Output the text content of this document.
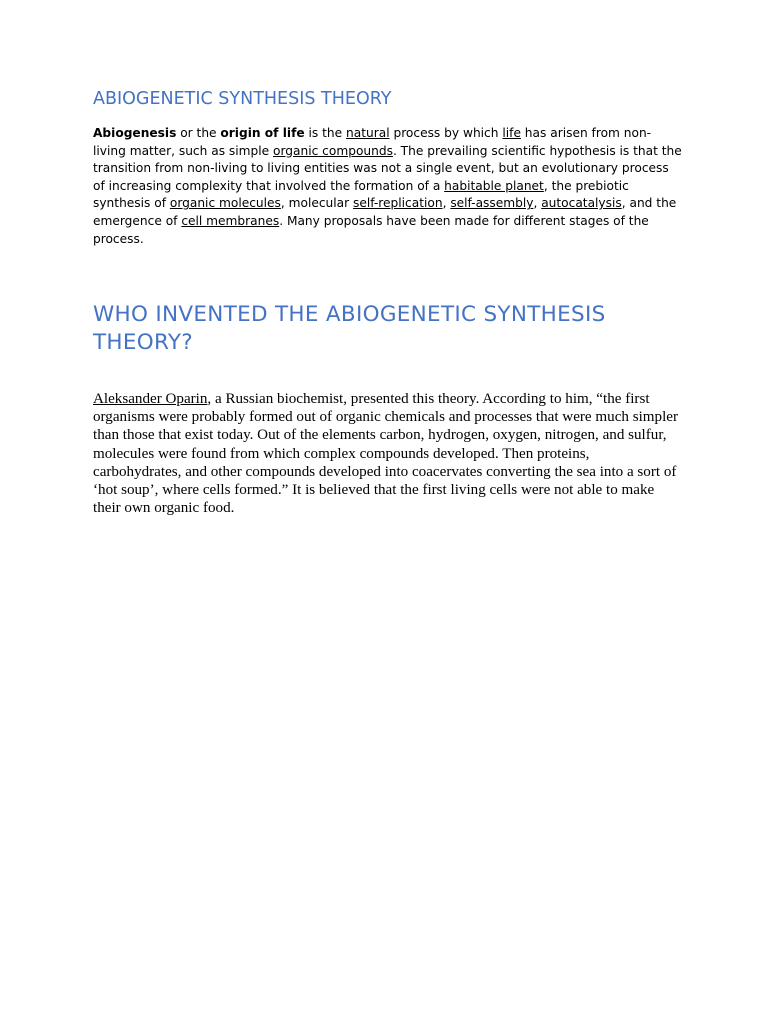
ABIOGENETIC SYNTHESIS THEORY

Abiogenesis or the origin of life is the natural process by which life has arisen from non-living matter, such as simple organic compounds. The prevailing scientific hypothesis is that the transition from non-living to living entities was not a single event, but an evolutionary process of increasing complexity that involved the formation of a habitable planet, the prebiotic synthesis of organic molecules, molecular self-replication, self-assembly, autocatalysis, and the emergence of cell membranes. Many proposals have been made for different stages of the process.

WHO INVENTED THE ABIOGENETIC SYNTHESIS THEORY?

Aleksander Oparin, a Russian biochemist, presented this theory. According to him, “the first organisms were probably formed out of organic chemicals and processes that were much simpler than those that exist today. Out of the elements carbon, hydrogen, oxygen, nitrogen, and sulfur, molecules were found from which complex compounds developed. Then proteins, carbohydrates, and other compounds developed into coacervates converting the sea into a sort of ‘hot soup’, where cells formed.” It is believed that the first living cells were not able to make their own organic food.
